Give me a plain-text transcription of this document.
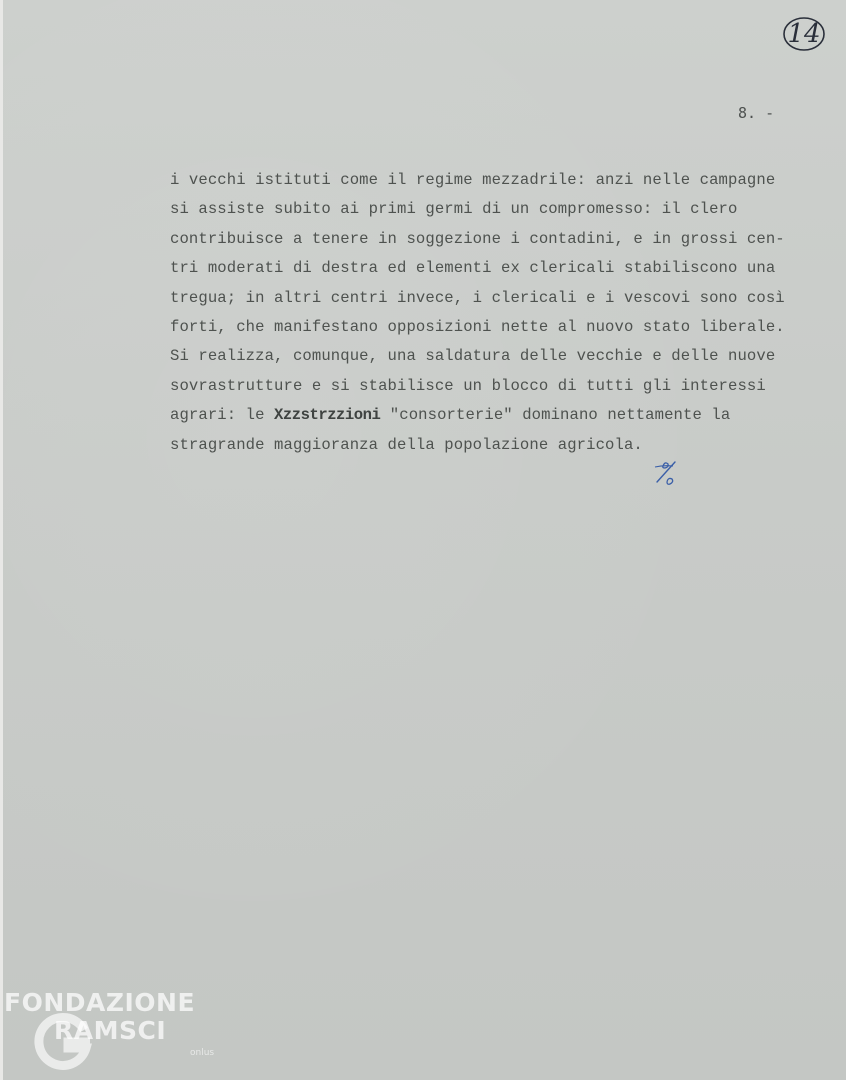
14
8. -
i vecchi istituti come il regime mezzadrile: anzi nelle campagne
si assiste subito ai primi germi di un compromesso: il clero
contribuisce a tenere in soggezione i contadini, e in grossi cen-
tri moderati di destra ed elementi ex clericali stabiliscono una
tregua; in altri centri invece, i clericali e i vescovi sono così
forti, che manifestano opposizioni nette al nuovo stato liberale.
Si realizza, comunque, una saldatura delle vecchie e delle nuove
sovrastrutture e si stabilisce un blocco di tutti gli interessi
agrari: le Xzzstrzzioni "consorterie" dominano nettamente la
stragrande maggioranza della popolazione agricola.
FONDAZIONE
RAMSCI
onlus
